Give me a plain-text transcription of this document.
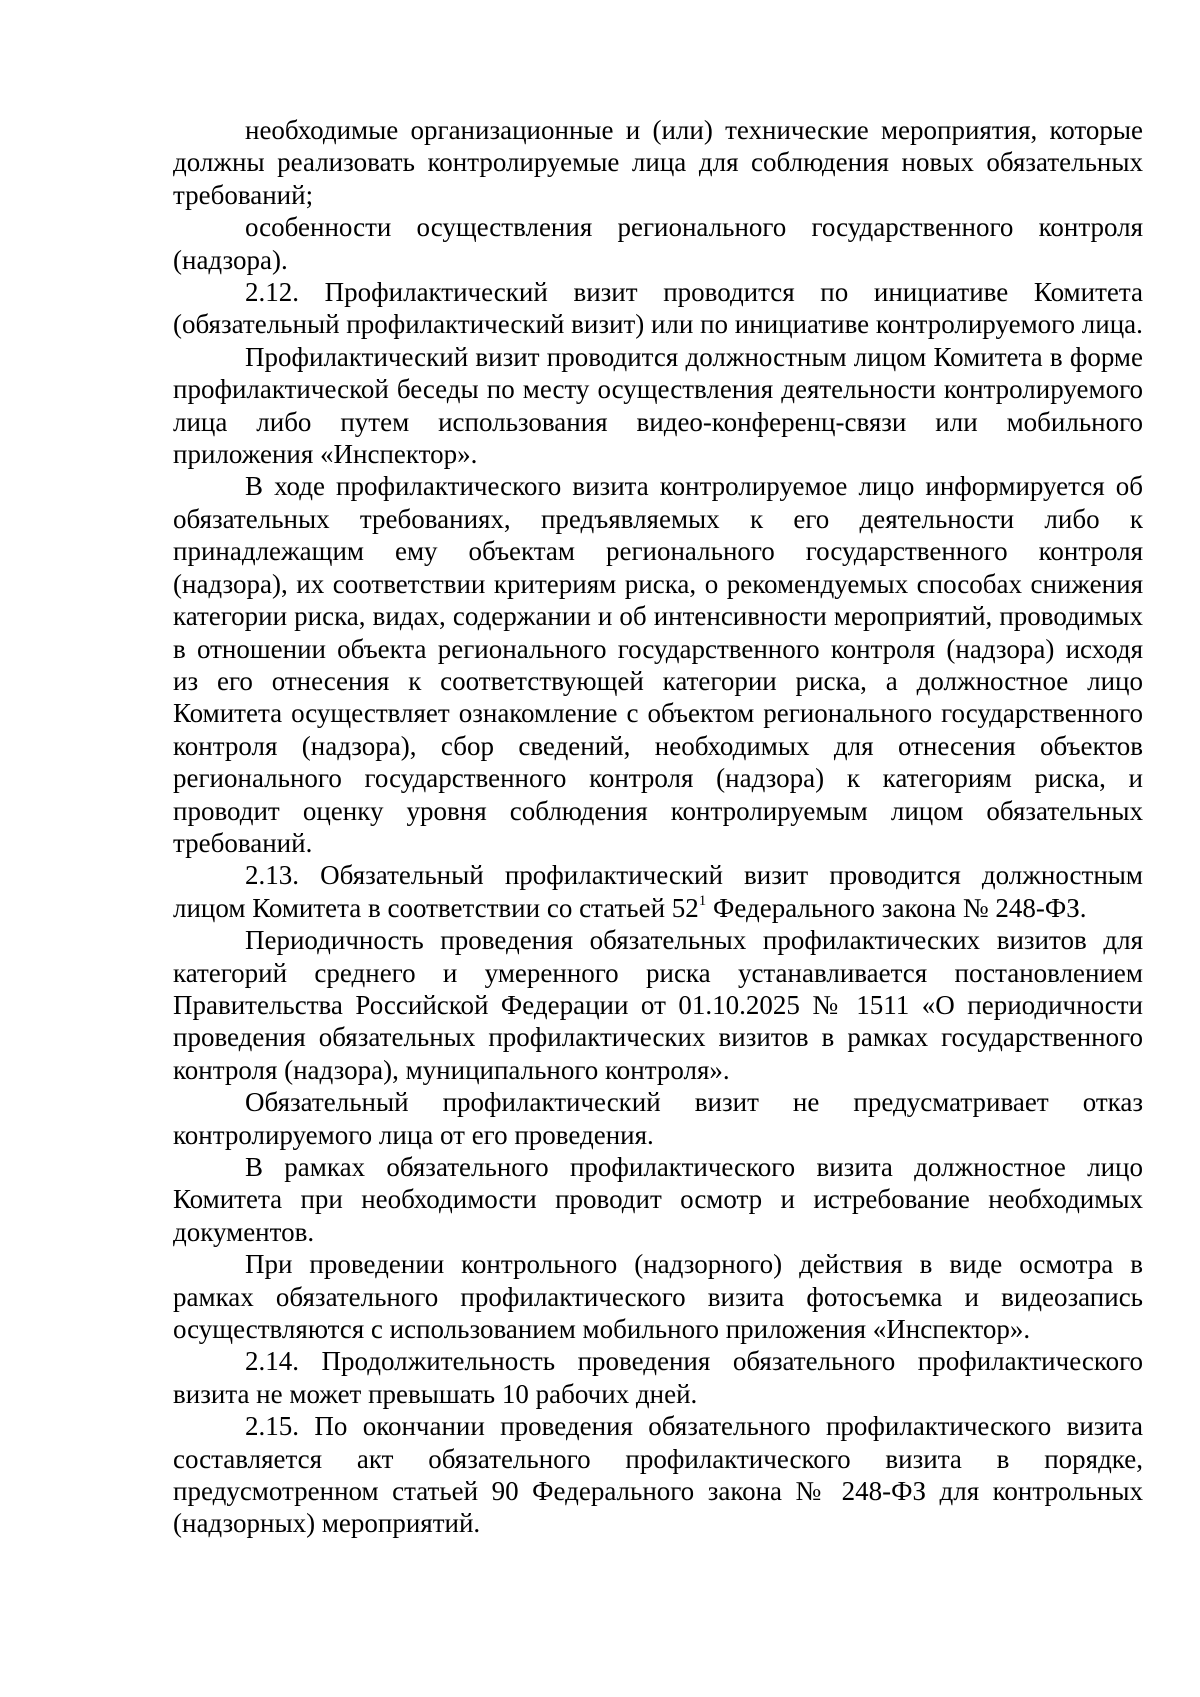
необходимые организационные и (или) технические мероприятия, которые должны реализовать контролируемые лица для соблюдения новых обязательных требований;

особенности осуществления регионального государственного контроля (надзора).

2.12. Профилактический визит проводится по инициативе Комитета (обязательный профилактический визит) или по инициативе контролируемого лица.

Профилактический визит проводится должностным лицом Комитета в форме профилактической беседы по месту осуществления деятельности контролируемого лица либо путем использования видео-конференц-связи или мобильного приложения «Инспектор».

В ходе профилактического визита контролируемое лицо информируется об обязательных требованиях, предъявляемых к его деятельности либо к принадлежащим ему объектам регионального государственного контроля (надзора), их соответствии критериям риска, о рекомендуемых способах снижения категории риска, видах, содержании и об интенсивности мероприятий, проводимых в отношении объекта регионального государственного контроля (надзора) исходя из его отнесения к соответствующей категории риска, а должностное лицо Комитета осуществляет ознакомление с объектом регионального государственного контроля (надзора), сбор сведений, необходимых для отнесения объектов регионального государственного контроля (надзора) к категориям риска, и проводит оценку уровня соблюдения контролируемым лицом обязательных требований.

2.13. Обязательный профилактический визит проводится должностным лицом Комитета в соответствии со статьей $52^1$ Федерального закона № 248-ФЗ.

Периодичность проведения обязательных профилактических визитов для категорий среднего и умеренного риска устанавливается постановлением Правительства Российской Федерации от 01.10.2025 № 1511 «О периодичности проведения обязательных профилактических визитов в рамках государственного контроля (надзора), муниципального контроля».

Обязательный профилактический визит не предусматривает отказ контролируемого лица от его проведения.

В рамках обязательного профилактического визита должностное лицо Комитета при необходимости проводит осмотр и истребование необходимых документов.

При проведении контрольного (надзорного) действия в виде осмотра в рамках обязательного профилактического визита фотосъемка и видеозапись осуществляются с использованием мобильного приложения «Инспектор».

2.14. Продолжительность проведения обязательного профилактического визита не может превышать 10 рабочих дней.

2.15. По окончании проведения обязательного профилактического визита составляется акт обязательного профилактического визита в порядке, предусмотренном статьей 90 Федерального закона № 248-ФЗ для контрольных (надзорных) мероприятий.
